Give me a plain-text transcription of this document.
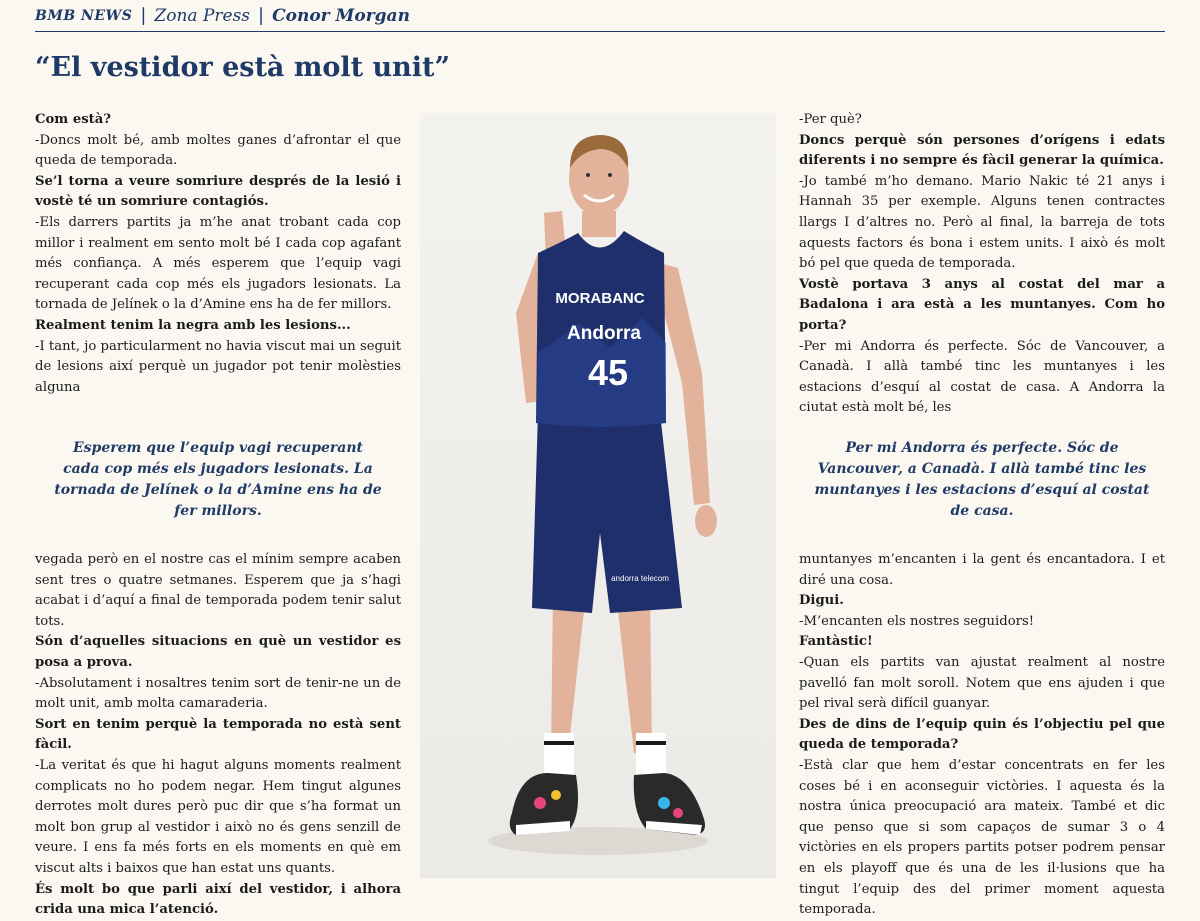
BMB NEWS | Zona Press | Conor Morgan
“El vestidor està molt unit”

Com està?

-Doncs molt bé, amb moltes ganes d’afrontar el que queda de temporada.

Se’l torna a veure somriure després de la lesió i vostè té un somriure contagiós.

-Els darrers partits ja m’he anat trobant cada cop millor i realment em sento molt bé I cada cop agafant més confiança. A més esperem que l’equip vagi recuperant cada cop més els jugadors lesionats. La tornada de Jelínek o la d’Amine ens ha de fer millors.

Realment tenim la negra amb les lesions...

-I tant, jo particularment no havia viscut mai un seguit de lesions així perquè un jugador pot tenir molèsties alguna

Esperem que l’equip vagi recuperant cada cop més els jugadors lesionats. La tornada de Jelínek o la d’Amine ens ha de fer millors.

vegada però en el nostre cas el mínim sempre acaben sent tres o quatre setmanes. Esperem que ja s’hagi acabat i d’aquí a final de temporada podem tenir salut tots.

Són d’aquelles situacions en què un vestidor es posa a prova.

-Absolutament i nosaltres tenim sort de tenir-ne un de molt unit, amb molta camaraderia.

Sort en tenim perquè la temporada no està sent fàcil.

-La veritat és que hi hagut alguns moments realment complicats no ho podem negar. Hem tingut algunes derrotes molt dures però puc dir que s’ha format un molt bon grup al vestidor i això no és gens senzill de veure. I ens fa més forts en els moments en què em viscut alts i baixos que han estat uns quants.

És molt bo que parli així del vestidor, i alhora crida una mica l’atenció.

MORABANC
Andorra
45
andorra telecom

-Per què?

Doncs perquè són persones d’orígens i edats diferents i no sempre és fàcil generar la química.

-Jo també m’ho demano. Mario Nakic té 21 anys i Hannah 35 per exemple. Alguns tenen contractes llargs I d’altres no. Però al final, la barreja de tots aquests factors és bona i estem units. I això és molt bó pel que queda de temporada.

Vostè portava 3 anys al costat del mar a Badalona i ara està a les muntanyes. Com ho porta?

-Per mi Andorra és perfecte. Sóc de Vancouver, a Canadà. I allà també tinc les muntanyes i les estacions d’esquí al costat de casa. A Andorra la ciutat està molt bé, les

Per mi Andorra és perfecte. Sóc de Vancouver, a Canadà. I allà també tinc les muntanyes i les estacions d’esquí al costat de casa.

muntanyes m’encanten i la gent és encantadora. I et diré una cosa.

Digui.

-M’encanten els nostres seguidors!

Fantàstic!

-Quan els partits van ajustat realment al nostre pavelló fan molt soroll. Notem que ens ajuden i que pel rival serà difícil guanyar.

Des de dins de l’equip quin és l’objectiu pel que queda de temporada?

-Està clar que hem d’estar concentrats en fer les coses bé i en aconseguir victòries. I aquesta és la nostra única preocupació ara mateix. També et dic que penso que si som capaços de sumar 3 o 4 victòries en els propers partits potser podrem pensar en els playoff que és una de les il·lusions que ha tingut l’equip des del primer moment aquesta temporada.
